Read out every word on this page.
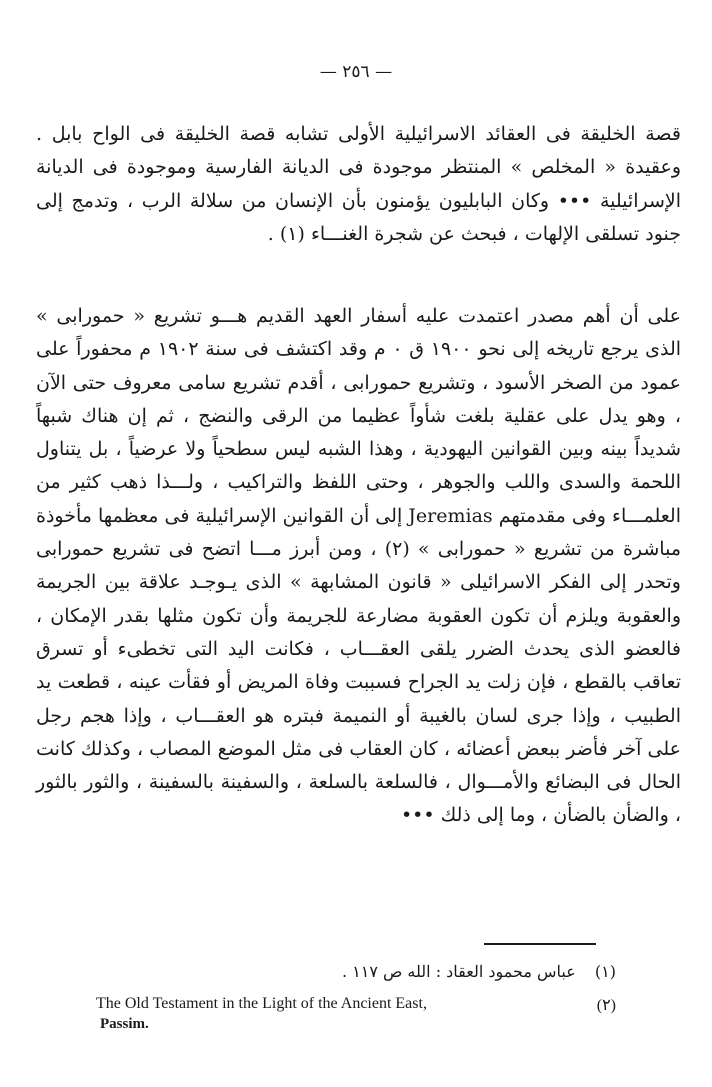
— ٢٥٦ —

قصة الخليقة فى العقائد الاسرائيلية الأولى تشابه قصة الخليقة فى الواح بابل . وعقيدة « المخلص » المنتظر موجودة فى الديانة الفارسية وموجودة فى الديانة الإسرائيلية ••• وكان البابليون يؤمنون بأن الإنسان من سلالة الرب ، وتدمج إلى جنود تسلقى الإلهات ، فبحث عن شجرة الغنـــاء (١) .

على أن أهم مصدر اعتمدت عليه أسفار العهد القديم هـــو تشريع « حمورابى » الذى يرجع تاريخه إلى نحو ١٩٠٠ ق ٠ م وقد اكتشف فى سنة ١٩٠٢ م محفوراً على عمود من الصخر الأسود ، وتشريع حمورابى ، أقدم تشريع سامى معروف حتى الآن ، وهو يدل على عقلية بلغت شأواً عظيما من الرقى والنضج ، ثم إن هناك شبهاً شديداً بينه وبين القوانين اليهودية ، وهذا الشبه ليس سطحياً ولا عرضياً ، بل يتناول اللحمة والسدى واللب والجوهر ، وحتى اللفظ والتراكيب ، ولـــذا ذهب كثير من العلمـــاء وفى مقدمتهم Jeremias إلى أن القوانين الإسرائيلية فى معظمها مأخوذة مباشرة من تشريع « حمورابى » (٢) ، ومن أبرز مـــا اتضح فى تشريع حمورابى وتحدر إلى الفكر الاسرائيلى « قانون المشابهة » الذى يـوجـد علاقة بين الجريمة والعقوبة ويلزم أن تكون العقوبة مضارعة للجريمة وأن تكون مثلها بقدر الإمكان ، فالعضو الذى يحدث الضرر يلقى العقـــاب ، فكانت اليد التى تخطىء أو تسرق تعاقب بالقطع ، فإن زلت يد الجراح فسببت وفاة المريض أو فقأت عينه ، قطعت يد الطبيب ، وإذا جرى لسان بالغيبة أو النميمة فبتره هو العقـــاب ، وإذا هجم رجل على آخر فأضر ببعض أعضائه ، كان العقاب فى مثل الموضع المصاب ، وكذلك كانت الحال فى البضائع والأمـــوال ، فالسلعة بالسلعة ، والسفينة بالسفينة ، والثور بالثور ، والضأن بالضأن ، وما إلى ذلك •••

(١) عباس محمود العقاد : الله ص ١١٧ .
The Old Testament in the Light of the Ancient East,	(٢)
Passim.
